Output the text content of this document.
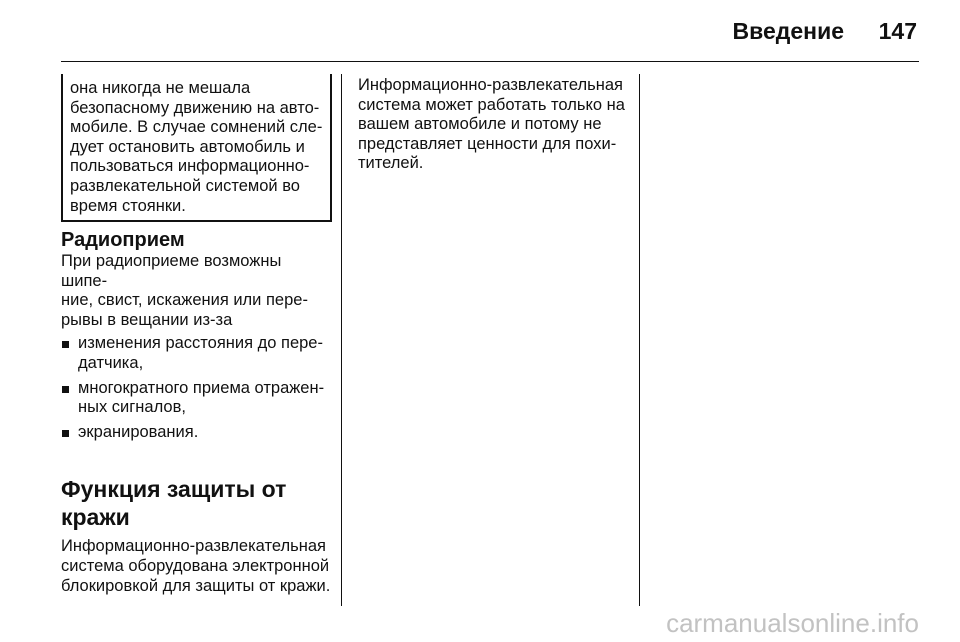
Введение 147

она никогда не мешала
безопасному движению на авто-
мобиле. В случае сомнений сле-
дует остановить автомобиль и
пользоваться информационно-
развлекательной системой во
время стоянки.

Радиоприем

При радиоприеме возможны шипе-
ние, свист, искажения или пере-
рывы в вещании из-за

изменения расстояния до пере-
датчика,
многократного приема отражен-
ных сигналов,
экранирования.
Функция защиты от
кражи

Информационно-развлекательная
система оборудована электронной
блокировкой для защиты от кражи.

Информационно-развлекательная
система может работать только на
вашем автомобиле и потому не
представляет ценности для похи-
тителей.

carmanualsonline.info
